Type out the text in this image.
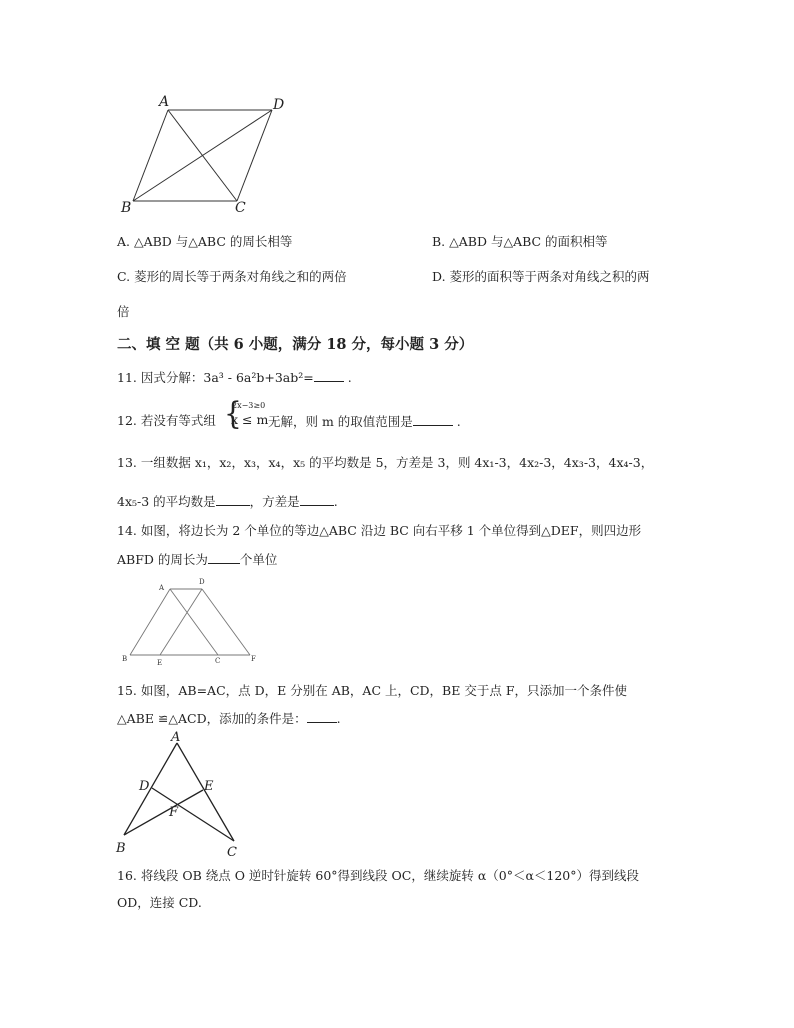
A	D
B	C
A. △ABD 与△ABC 的周长相等	B. △ABD 与△ABC 的面积相等
C. 菱形的周长等于两条对角线之和的两倍	D. 菱形的面积等于两条对角线之积的两
倍
二、填 空 题（共 6 小题，满分 18 分，每小题 3 分）
11. 因式分解：3a³ - 6a²b+3ab²=	.
12. 若没有等式组 {
2x−3≥0
x ≤ m 无解，则 m 的取值范围是	.
13. 一组数据 x₁，x₂，x₃，x₄，x₅ 的平均数是 5，方差是 3，则 4x₁-3，4x₂-3，4x₃-3，4x₄-3，
4x₅-3 的平均数是	，方差是	.
14. 如图，将边长为 2 个单位的等边△ABC 沿边 BC 向右平移 1 个单位得到△DEF，则四边形
ABFD 的周长为	个单位
A
D
B	E	C	F
15. 如图，AB=AC，点 D，E 分别在 AB，AC 上，CD，BE 交于点 F，只添加一个条件使
△ABE ≌△ACD，添加的条件是： .
A
D	E
F
B	C
16. 将线段 OB 绕点 O 逆时针旋转 60°得到线段 OC，继续旋转 α（0°＜α＜120°）得到线段
OD，连接 CD.
